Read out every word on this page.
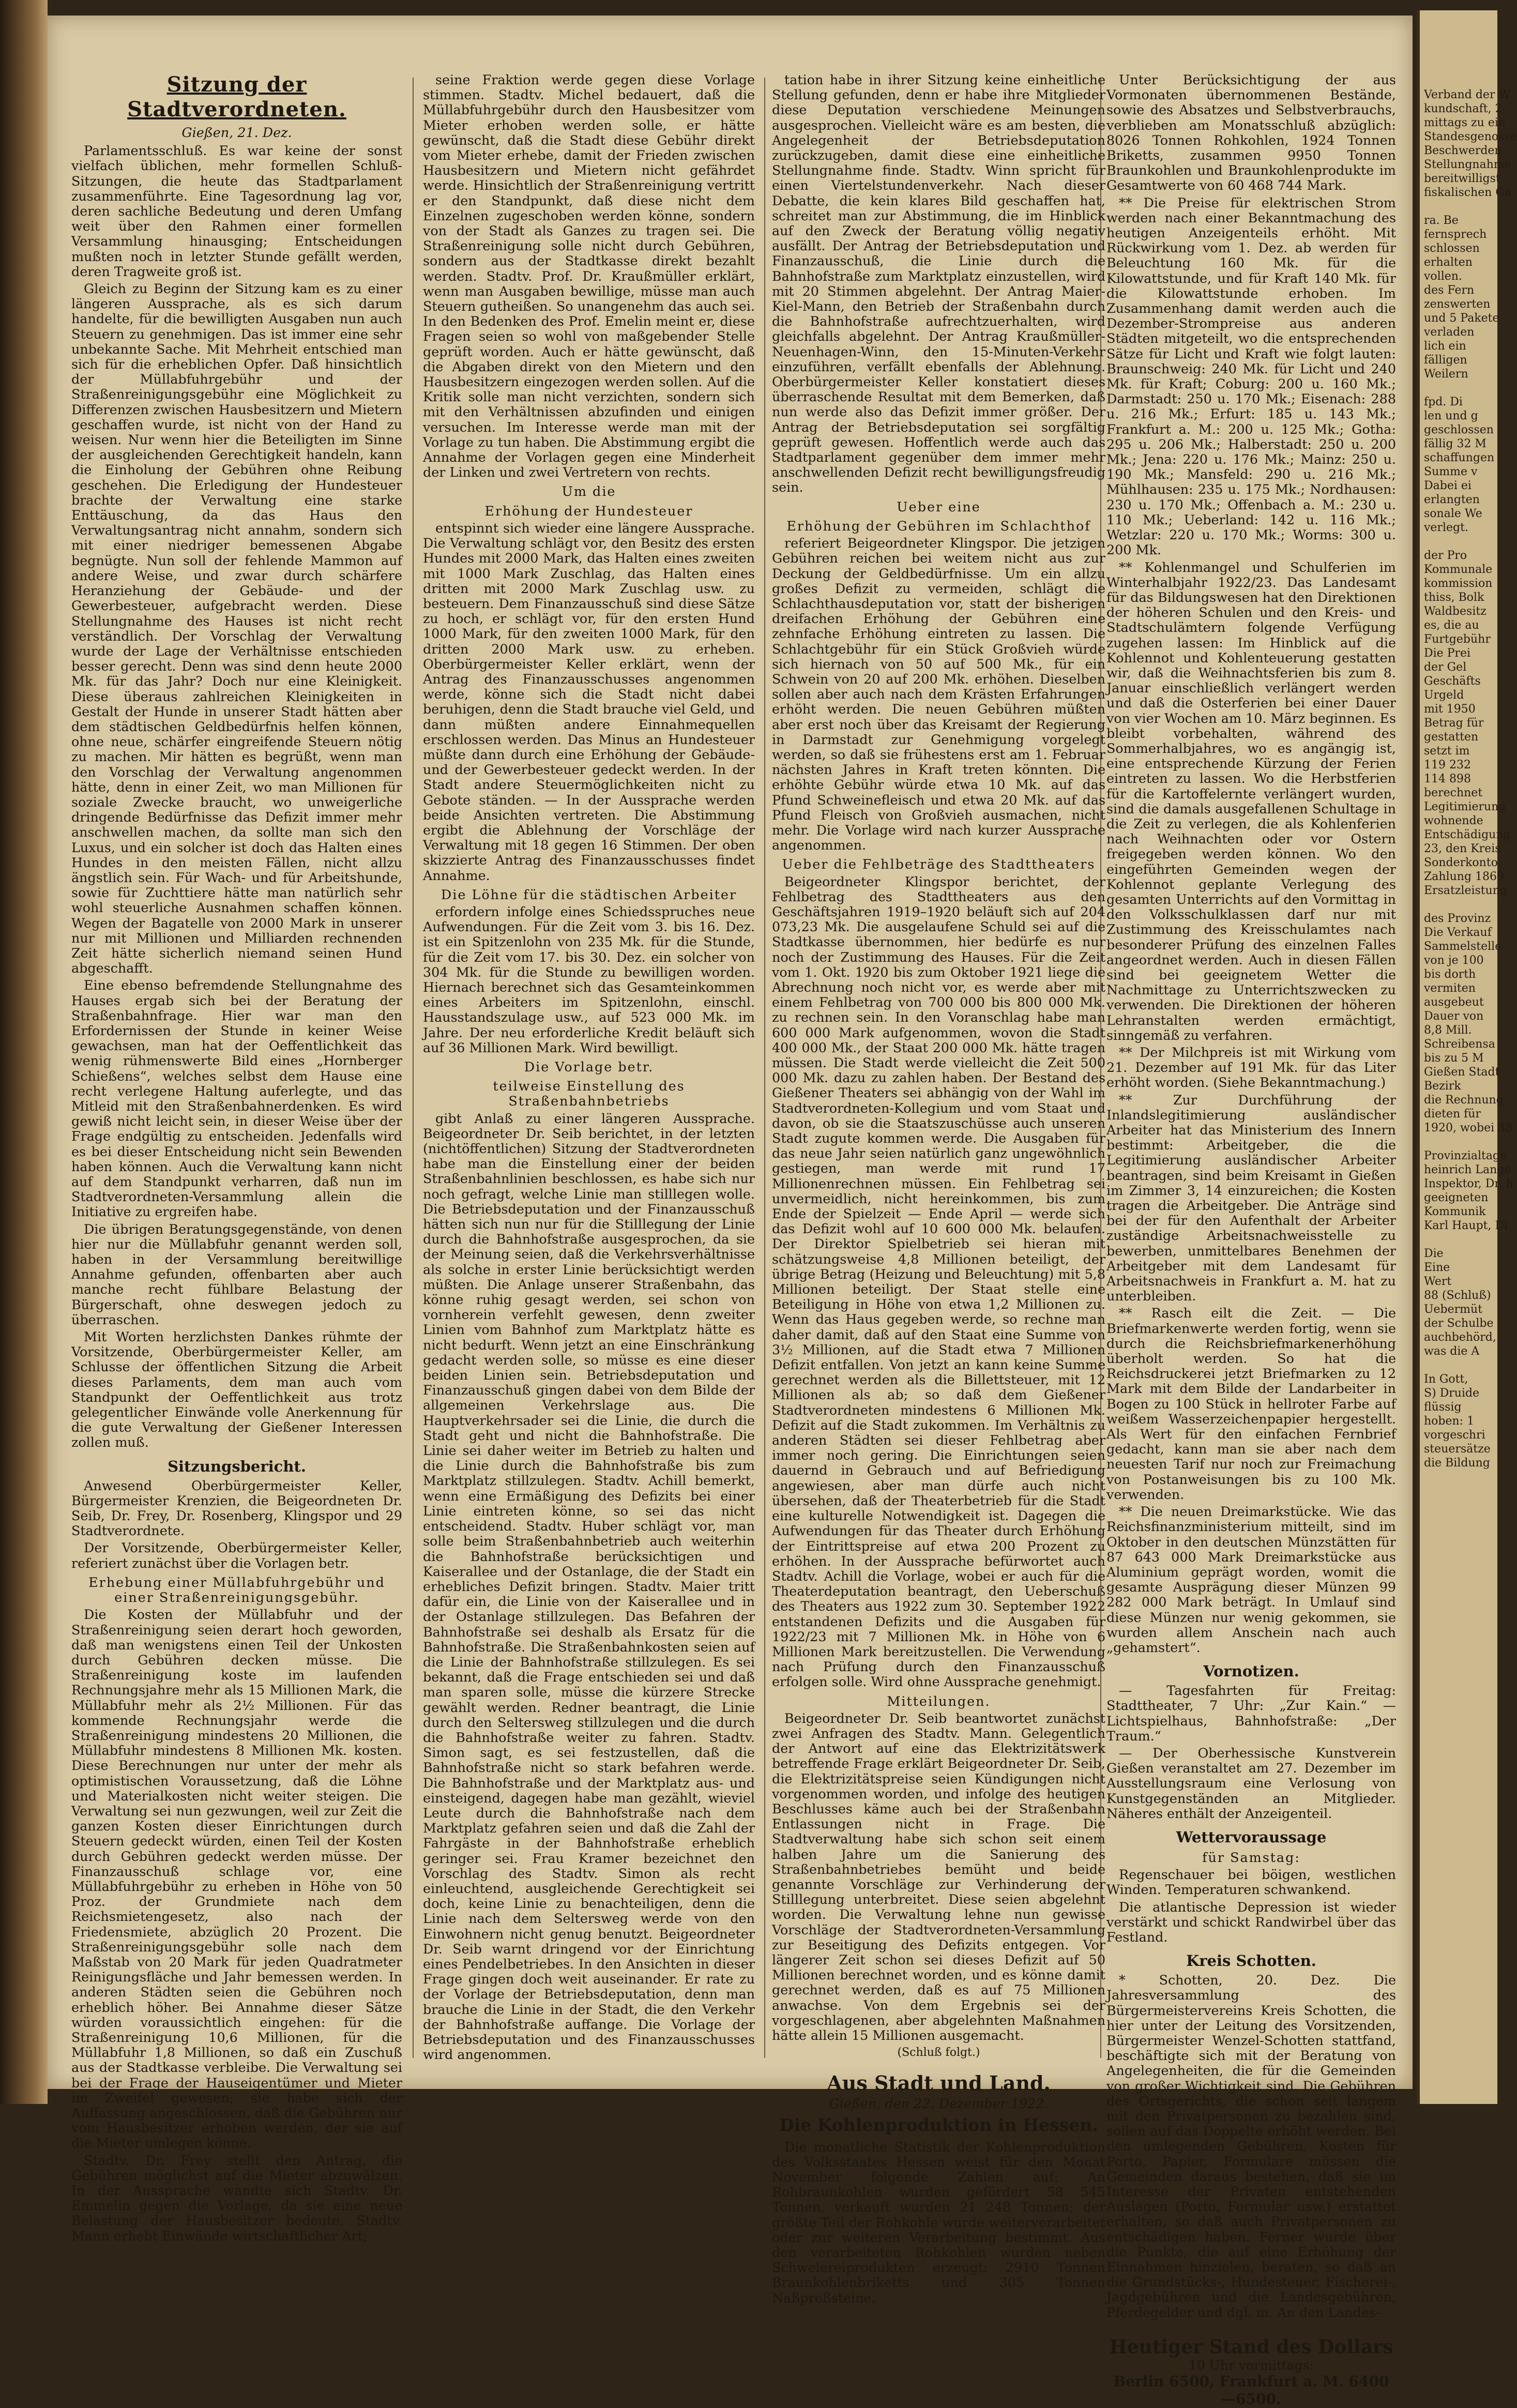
Sitzung der Stadtverordneten.
Gießen, 21. Dez.

Parlamentsschluß. Es war keine der sonst vielfach üblichen, mehr formellen Schluß-Sitzungen, die heute das Stadtparlament zusammenführte. Eine Tagesordnung lag vor, deren sachliche Bedeutung und deren Umfang weit über den Rahmen einer formellen Versammlung hinausging; Entscheidungen mußten noch in letzter Stunde gefällt werden, deren Tragweite groß ist.

Gleich zu Beginn der Sitzung kam es zu einer längeren Aussprache, als es sich darum handelte, für die bewilligten Ausgaben nun auch Steuern zu genehmigen. Das ist immer eine sehr unbekannte Sache. Mit Mehrheit entschied man sich für die erheblichen Opfer. Daß hinsichtlich der Müllabfuhrgebühr und der Straßenreinigungsgebühr eine Möglichkeit zu Differenzen zwischen Hausbesitzern und Mietern geschaffen wurde, ist nicht von der Hand zu weisen. Nur wenn hier die Beteiligten im Sinne der ausgleichenden Gerechtigkeit handeln, kann die Einholung der Gebühren ohne Reibung geschehen. Die Erledigung der Hundesteuer brachte der Verwaltung eine starke Enttäuschung, da das Haus den Verwaltungsantrag nicht annahm, sondern sich mit einer niedriger bemessenen Abgabe begnügte. Nun soll der fehlende Mammon auf andere Weise, und zwar durch schärfere Heranziehung der Gebäude- und der Gewerbesteuer, aufgebracht werden. Diese Stellungnahme des Hauses ist nicht recht verständlich. Der Vorschlag der Verwaltung wurde der Lage der Verhältnisse entschieden besser gerecht. Denn was sind denn heute 2000 Mk. für das Jahr? Doch nur eine Kleinigkeit. Diese überaus zahlreichen Kleinigkeiten in Gestalt der Hunde in unserer Stadt hätten aber dem städtischen Geldbedürfnis helfen können, ohne neue, schärfer eingreifende Steuern nötig zu machen. Mir hätten es begrüßt, wenn man den Vorschlag der Verwaltung angenommen hätte, denn in einer Zeit, wo man Millionen für soziale Zwecke braucht, wo unweigerliche dringende Bedürfnisse das Defizit immer mehr anschwellen machen, da sollte man sich den Luxus, und ein solcher ist doch das Halten eines Hundes in den meisten Fällen, nicht allzu ängstlich sein. Für Wach- und für Arbeitshunde, sowie für Zuchttiere hätte man natürlich sehr wohl steuerliche Ausnahmen schaffen können. Wegen der Bagatelle von 2000 Mark in unserer nur mit Millionen und Milliarden rechnenden Zeit hätte sicherlich niemand seinen Hund abgeschafft.

Eine ebenso befremdende Stellungnahme des Hauses ergab sich bei der Beratung der Straßenbahnfrage. Hier war man den Erfordernissen der Stunde in keiner Weise gewachsen, man hat der Oeffentlichkeit das wenig rühmenswerte Bild eines „Hornberger Schießens“, welches selbst dem Hause eine recht verlegene Haltung auferlegte, und das Mitleid mit den Straßenbahnerdenken. Es wird gewiß nicht leicht sein, in dieser Weise über der Frage endgültig zu entscheiden. Jedenfalls wird es bei dieser Entscheidung nicht sein Bewenden haben können. Auch die Verwaltung kann nicht auf dem Standpunkt verharren, daß nun im Stadtverordneten-Versammlung allein die Initiative zu ergreifen habe.

Die übrigen Beratungsgegenstände, von denen hier nur die Müllabfuhr genannt werden soll, haben in der Versammlung bereitwillige Annahme gefunden, offenbarten aber auch manche recht fühlbare Belastung der Bürgerschaft, ohne deswegen jedoch zu überraschen.

Mit Worten herzlichsten Dankes rühmte der Vorsitzende, Oberbürgermeister Keller, am Schlusse der öffentlichen Sitzung die Arbeit dieses Parlaments, dem man auch vom Standpunkt der Oeffentlichkeit aus trotz gelegentlicher Einwände volle Anerkennung für die gute Verwaltung der Gießener Interessen zollen muß.

Sitzungsbericht.

Anwesend Oberbürgermeister Keller, Bürgermeister Krenzien, die Beigeordneten Dr. Seib, Dr. Frey, Dr. Rosenberg, Klingspor und 29 Stadtverordnete.

Der Vorsitzende, Oberbürgermeister Keller, referiert zunächst über die Vorlagen betr.

Erhebung einer Müllabfuhrgebühr und einer Straßenreinigungsgebühr.

Die Kosten der Müllabfuhr und der Straßenreinigung seien derart hoch geworden, daß man wenigstens einen Teil der Unkosten durch Gebühren decken müsse. Die Straßenreinigung koste im laufenden Rechnungsjahre mehr als 15 Millionen Mark, die Müllabfuhr mehr als 2½ Millionen. Für das kommende Rechnungsjahr werde die Straßenreinigung mindestens 20 Millionen, die Müllabfuhr mindestens 8 Millionen Mk. kosten. Diese Berechnungen nur unter der mehr als optimistischen Voraussetzung, daß die Löhne und Materialkosten nicht weiter steigen. Die Verwaltung sei nun gezwungen, weil zur Zeit die ganzen Kosten dieser Einrichtungen durch Steuern gedeckt würden, einen Teil der Kosten durch Gebühren gedeckt werden müsse. Der Finanzausschuß schlage vor, eine Müllabfuhrgebühr zu erheben in Höhe von 50 Proz. der Grundmiete nach dem Reichsmietengesetz, also nach der Friedensmiete, abzüglich 20 Prozent. Die Straßenreinigungsgebühr solle nach dem Maßstab von 20 Mark für jeden Quadratmeter Reinigungsfläche und Jahr bemessen werden. In anderen Städten seien die Gebühren noch erheblich höher. Bei Annahme dieser Sätze würden voraussichtlich eingehen: für die Straßenreinigung 10,6 Millionen, für die Müllabfuhr 1,8 Millionen, so daß ein Zuschuß aus der Stadtkasse verbleibe. Die Verwaltung sei bei der Frage der Hauseigentümer und Mieter im Zweifel gewesen; sie habe sich der Auffassung angeschlossen, daß die Gebühren nur vom Hausbesitzer erhoben werden, der sie auf die Mieter umlegen könne.

Stadtv. Dr. Frey stellt den Antrag, die Gebühren möglichst auf die Mieter abzuwälzen. In der Aussprache wandte sich Stadtv. Dr. Emmelin gegen die Vorlage, da sie eine neue Belastung der Hausbesitzer bedeute. Stadtv. Mann erhebt Einwände wirtschaftlicher Art;

seine Fraktion werde gegen diese Vorlage stimmen. Stadtv. Michel bedauert, daß die Müllabfuhrgebühr durch den Hausbesitzer vom Mieter erhoben werden solle, er hätte gewünscht, daß die Stadt diese Gebühr direkt vom Mieter erhebe, damit der Frieden zwischen Hausbesitzern und Mietern nicht gefährdet werde. Hinsichtlich der Straßenreinigung vertritt er den Standpunkt, daß diese nicht dem Einzelnen zugeschoben werden könne, sondern von der Stadt als Ganzes zu tragen sei. Die Straßenreinigung solle nicht durch Gebühren, sondern aus der Stadtkasse direkt bezahlt werden. Stadtv. Prof. Dr. Kraußmüller erklärt, wenn man Ausgaben bewillige, müsse man auch Steuern gutheißen. So unangenehm das auch sei. In den Bedenken des Prof. Emelin meint er, diese Fragen seien so wohl von maßgebender Stelle geprüft worden. Auch er hätte gewünscht, daß die Abgaben direkt von den Mietern und den Hausbesitzern eingezogen werden sollen. Auf die Kritik solle man nicht verzichten, sondern sich mit den Verhältnissen abzufinden und einigen versuchen. Im Interesse werde man mit der Vorlage zu tun haben. Die Abstimmung ergibt die Annahme der Vorlagen gegen eine Minderheit der Linken und zwei Vertretern von rechts.

Um die
Erhöhung der Hundesteuer

entspinnt sich wieder eine längere Aussprache. Die Verwaltung schlägt vor, den Besitz des ersten Hundes mit 2000 Mark, das Halten eines zweiten mit 1000 Mark Zuschlag, das Halten eines dritten mit 2000 Mark Zuschlag usw. zu besteuern. Dem Finanzausschuß sind diese Sätze zu hoch, er schlägt vor, für den ersten Hund 1000 Mark, für den zweiten 1000 Mark, für den dritten 2000 Mark usw. zu erheben. Oberbürgermeister Keller erklärt, wenn der Antrag des Finanzausschusses angenommen werde, könne sich die Stadt nicht dabei beruhigen, denn die Stadt brauche viel Geld, und dann müßten andere Einnahmequellen erschlossen werden. Das Minus an Hundesteuer müßte dann durch eine Erhöhung der Gebäude- und der Gewerbesteuer gedeckt werden. In der Stadt andere Steuermöglichkeiten nicht zu Gebote ständen. — In der Aussprache werden beide Ansichten vertreten. Die Abstimmung ergibt die Ablehnung der Vorschläge der Verwaltung mit 18 gegen 16 Stimmen. Der oben skizzierte Antrag des Finanzausschusses findet Annahme.

Die Löhne für die städtischen Arbeiter

erfordern infolge eines Schiedsspruches neue Aufwendungen. Für die Zeit vom 3. bis 16. Dez. ist ein Spitzenlohn von 235 Mk. für die Stunde, für die Zeit vom 17. bis 30. Dez. ein solcher von 304 Mk. für die Stunde zu bewilligen worden. Hiernach berechnet sich das Gesamteinkommen eines Arbeiters im Spitzenlohn, einschl. Hausstandszulage usw., auf 523 000 Mk. im Jahre. Der neu erforderliche Kredit beläuft sich auf 36 Millionen Mark. Wird bewilligt.

Die Vorlage betr.
teilweise Einstellung des Straßenbahnbetriebs

gibt Anlaß zu einer längeren Aussprache. Beigeordneter Dr. Seib berichtet, in der letzten (nichtöffentlichen) Sitzung der Stadtverordneten habe man die Einstellung einer der beiden Straßenbahnlinien beschlossen, es habe sich nur noch gefragt, welche Linie man stilllegen wolle. Die Betriebsdeputation und der Finanzausschuß hätten sich nun nur für die Stilllegung der Linie durch die Bahnhofstraße ausgesprochen, da sie der Meinung seien, daß die Verkehrsverhältnisse als solche in erster Linie berücksichtigt werden müßten. Die Anlage unserer Straßenbahn, das könne ruhig gesagt werden, sei schon von vornherein verfehlt gewesen, denn zweiter Linien vom Bahnhof zum Marktplatz hätte es nicht bedurft. Wenn jetzt an eine Einschränkung gedacht werden solle, so müsse es eine dieser beiden Linien sein. Betriebsdeputation und Finanzausschuß gingen dabei von dem Bilde der allgemeinen Verkehrslage aus. Die Hauptverkehrsader sei die Linie, die durch die Stadt geht und nicht die Bahnhofstraße. Die Linie sei daher weiter im Betrieb zu halten und die Linie durch die Bahnhofstraße bis zum Marktplatz stillzulegen. Stadtv. Achill bemerkt, wenn eine Ermäßigung des Defizits bei einer Linie eintreten könne, so sei das nicht entscheidend. Stadtv. Huber schlägt vor, man solle beim Straßenbahnbetrieb auch weiterhin die Bahnhofstraße berücksichtigen und Kaiserallee und der Ostanlage, die der Stadt ein erhebliches Defizit bringen. Stadtv. Maier tritt dafür ein, die Linie von der Kaiserallee und in der Ostanlage stillzulegen. Das Befahren der Bahnhofstraße sei deshalb als Ersatz für die Bahnhofstraße. Die Straßenbahnkosten seien auf die Linie der Bahnhofstraße stillzulegen. Es sei bekannt, daß die Frage entschieden sei und daß man sparen solle, müsse die kürzere Strecke gewählt werden. Redner beantragt, die Linie durch den Seltersweg stillzulegen und die durch die Bahnhofstraße weiter zu fahren. Stadtv. Simon sagt, es sei festzustellen, daß die Bahnhofstraße nicht so stark befahren werde. Die Bahnhofstraße und der Marktplatz aus- und einsteigend, dagegen habe man gezählt, wieviel Leute durch die Bahnhofstraße nach dem Marktplatz gefahren seien und daß die Zahl der Fahrgäste in der Bahnhofstraße erheblich geringer sei. Frau Kramer bezeichnet den Vorschlag des Stadtv. Simon als recht einleuchtend, ausgleichende Gerechtigkeit sei doch, keine Linie zu benachteiligen, denn die Linie nach dem Seltersweg werde von den Einwohnern nicht genug benutzt. Beigeordneter Dr. Seib warnt dringend vor der Einrichtung eines Pendelbetriebes. In den Ansichten in dieser Frage gingen doch weit auseinander. Er rate zu der Vorlage der Betriebsdeputation, denn man brauche die Linie in der Stadt, die den Verkehr der Bahnhofstraße auffange. Die Vorlage der Betriebsdeputation und des Finanzausschusses wird angenommen.

tation habe in ihrer Sitzung keine einheitliche Stellung gefunden, denn er habe ihre Mitglieder diese Deputation verschiedene Meinungen ausgesprochen. Vielleicht wäre es am besten, die Angelegenheit der Betriebsdeputation zurückzugeben, damit diese eine einheitliche Stellungnahme finde. Stadtv. Winn spricht für einen Viertelstundenverkehr. Nach dieser Debatte, die kein klares Bild geschaffen hat, schreitet man zur Abstimmung, die im Hinblick auf den Zweck der Beratung völlig negativ ausfällt. Der Antrag der Betriebsdeputation und Finanzausschuß, die Linie durch die Bahnhofstraße zum Marktplatz einzustellen, wird mit 20 Stimmen abgelehnt. Der Antrag Maier-Kiel-Mann, den Betrieb der Straßenbahn durch die Bahnhofstraße aufrechtzuerhalten, wird gleichfalls abgelehnt. Der Antrag Kraußmüller-Neuenhagen-Winn, den 15-Minuten-Verkehr einzuführen, verfällt ebenfalls der Ablehnung. Oberbürgermeister Keller konstatiert dieses überraschende Resultat mit dem Bemerken, daß nun werde also das Defizit immer größer. Der Antrag der Betriebsdeputation sei sorgfältig geprüft gewesen. Hoffentlich werde auch das Stadtparlament gegenüber dem immer mehr anschwellenden Defizit recht bewilligungsfreudig sein.

Ueber eine
Erhöhung der Gebühren im Schlachthof

referiert Beigeordneter Klingspor. Die jetzigen Gebühren reichen bei weitem nicht aus zur Deckung der Geldbedürfnisse. Um ein allzu großes Defizit zu vermeiden, schlägt die Schlachthausdeputation vor, statt der bisherigen dreifachen Erhöhung der Gebühren eine zehnfache Erhöhung eintreten zu lassen. Die Schlachtgebühr für ein Stück Großvieh würde sich hiernach von 50 auf 500 Mk., für ein Schwein von 20 auf 200 Mk. erhöhen. Dieselben sollen aber auch nach dem Krästen Erfahrungen erhöht werden. Die neuen Gebühren müßten aber erst noch über das Kreisamt der Regierung in Darmstadt zur Genehmigung vorgelegt werden, so daß sie frühestens erst am 1. Februar nächsten Jahres in Kraft treten könnten. Die erhöhte Gebühr würde etwa 10 Mk. auf das Pfund Schweinefleisch und etwa 20 Mk. auf das Pfund Fleisch von Großvieh ausmachen, nicht mehr. Die Vorlage wird nach kurzer Aussprache angenommen.

Ueber die Fehlbeträge des Stadttheaters

Beigeordneter Klingspor berichtet, der Fehlbetrag des Stadttheaters aus den Geschäftsjahren 1919–1920 beläuft sich auf 204 073,23 Mk. Die ausgelaufene Schuld sei auf die Stadtkasse übernommen, hier bedürfe es nur noch der Zustimmung des Hauses. Für die Zeit vom 1. Okt. 1920 bis zum Oktober 1921 liege die Abrechnung noch nicht vor, es werde aber mit einem Fehlbetrag von 700 000 bis 800 000 Mk. zu rechnen sein. In den Voranschlag habe man 600 000 Mark aufgenommen, wovon die Stadt 400 000 Mk., der Staat 200 000 Mk. hätte tragen müssen. Die Stadt werde vielleicht die Zeit 500 000 Mk. dazu zu zahlen haben. Der Bestand des Gießener Theaters sei abhängig von der Wahl im Stadtverordneten-Kollegium und vom Staat und davon, ob sie die Staatszuschüsse auch unseren Stadt zugute kommen werde. Die Ausgaben für das neue Jahr seien natürlich ganz ungewöhnlich gestiegen, man werde mit rund 17 Millionenrechnen müssen. Ein Fehlbetrag sei unvermeidlich, nicht hereinkommen, bis zum Ende der Spielzeit — Ende April — werde sich das Defizit wohl auf 10 600 000 Mk. belaufen. Der Direktor Spielbetrieb sei hieran mit schätzungsweise 4,8 Millionen beteiligt, der übrige Betrag (Heizung und Beleuchtung) mit 5,8 Millionen beteiligt. Der Staat stelle eine Beteiligung in Höhe von etwa 1,2 Millionen zu. Wenn das Haus gegeben werde, so rechne man daher damit, daß auf den Staat eine Summe von 3½ Millionen, auf die Stadt etwa 7 Millionen Defizit entfallen. Von jetzt an kann keine Summe gerechnet werden als die Billettsteuer, mit 12 Millionen als ab; so daß dem Gießener Stadtverordneten mindestens 6 Millionen Mk. Defizit auf die Stadt zukommen. Im Verhältnis zu anderen Städten sei dieser Fehlbetrag aber immer noch gering. Die Einrichtungen seien dauernd in Gebrauch und auf Befriedigung angewiesen, aber man dürfe auch nicht übersehen, daß der Theaterbetrieb für die Stadt eine kulturelle Notwendigkeit ist. Dagegen die Aufwendungen für das Theater durch Erhöhung der Eintrittspreise auf etwa 200 Prozent zu erhöhen. In der Aussprache befürwortet auch Stadtv. Achill die Vorlage, wobei er auch für die Theaterdeputation beantragt, den Ueberschuß des Theaters aus 1922 zum 30. September 1922 entstandenen Defizits und die Ausgaben für 1922/23 mit 7 Millionen Mk. in Höhe von 6 Millionen Mark bereitzustellen. Die Verwendung nach Prüfung durch den Finanzausschuß erfolgen solle. Wird ohne Aussprache genehmigt.

Mitteilungen.

Beigeordneter Dr. Seib beantwortet zunächst zwei Anfragen des Stadtv. Mann. Gelegentlich der Antwort auf eine das Elektrizitätswerk betreffende Frage erklärt Beigeordneter Dr. Seib, die Elektrizitätspreise seien Kündigungen nicht vorgenommen worden, und infolge des heutigen Beschlusses käme auch bei der Straßenbahn Entlassungen nicht in Frage. Die Stadtverwaltung habe sich schon seit einem halben Jahre um die Sanierung des Straßenbahnbetriebes bemüht und beide genannte Vorschläge zur Verhinderung der Stilllegung unterbreitet. Diese seien abgelehnt worden. Die Verwaltung lehne nun gewisse Vorschläge der Stadtverordneten-Versammlung zur Beseitigung des Defizits entgegen. Vor längerer Zeit schon sei dieses Defizit auf 50 Millionen berechnet worden, und es könne damit gerechnet werden, daß es auf 75 Millionen anwachse. Von dem Ergebnis sei der vorgeschlagenen, aber abgelehnten Maßnahmen hätte allein 15 Millionen ausgemacht.

(Schluß folgt.)
Aus Stadt und Land.
Gießen, den 22. Dezember 1922.
Die Kohlenproduktion in Hessen.

Die monatliche Statistik der Kohlenproduktion des Volksstaates Hessen weist für den Monat November folgende Zahlen auf: An Rohbraunkohlen wurden gefördert 58 545 Tonnen, verkauft wurden 21 248 Tonnen; der größte Teil der Rohkohle wurde weiterverarbeitet oder zur weiteren Verarbeitung bestimmt. Aus den verarbeiteten Rohkohlen wurden neben Schwelereiprodukten erzeugt: 2910 Tonnen Braunkohlenbriketts und 305 Tonnen Naßpreßsteine.

Unter Berücksichtigung der aus Vormonaten übernommenen Bestände, sowie des Absatzes und Selbstverbrauchs, verblieben am Monatsschluß abzüglich: 8026 Tonnen Rohkohlen, 1924 Tonnen Briketts, zusammen 9950 Tonnen Braunkohlen und Braunkohlenprodukte im Gesamtwerte von 60 468 744 Mark.

** Die Preise für elektrischen Strom werden nach einer Bekanntmachung des heutigen Anzeigenteils erhöht. Mit Rückwirkung vom 1. Dez. ab werden für Beleuchtung 160 Mk. für die Kilowattstunde, und für Kraft 140 Mk. für die Kilowattstunde erhoben. Im Zusammenhang damit werden auch die Dezember-Strompreise aus anderen Städten mitgeteilt, wo die entsprechenden Sätze für Licht und Kraft wie folgt lauten: Braunschweig: 240 Mk. für Licht und 240 Mk. für Kraft; Coburg: 200 u. 160 Mk.; Darmstadt: 250 u. 170 Mk.; Eisenach: 288 u. 216 Mk.; Erfurt: 185 u. 143 Mk.; Frankfurt a. M.: 200 u. 125 Mk.; Gotha: 295 u. 206 Mk.; Halberstadt: 250 u. 200 Mk.; Jena: 220 u. 176 Mk.; Mainz: 250 u. 190 Mk.; Mansfeld: 290 u. 216 Mk.; Mühlhausen: 235 u. 175 Mk.; Nordhausen: 230 u. 170 Mk.; Offenbach a. M.: 230 u. 110 Mk.; Ueberland: 142 u. 116 Mk.; Wetzlar: 220 u. 170 Mk.; Worms: 300 u. 200 Mk.

** Kohlenmangel und Schulferien im Winterhalbjahr 1922/23. Das Landesamt für das Bildungswesen hat den Direktionen der höheren Schulen und den Kreis- und Stadtschulämtern folgende Verfügung zugehen lassen: Im Hinblick auf die Kohlennot und Kohlenteuerung gestatten wir, daß die Weihnachtsferien bis zum 8. Januar einschließlich verlängert werden und daß die Osterferien bei einer Dauer von vier Wochen am 10. März beginnen. Es bleibt vorbehalten, während des Sommerhalbjahres, wo es angängig ist, eine entsprechende Kürzung der Ferien eintreten zu lassen. Wo die Herbstferien für die Kartoffelernte verlängert wurden, sind die damals ausgefallenen Schultage in die Zeit zu verlegen, die als Kohlenferien nach Weihnachten oder vor Ostern freigegeben werden können. Wo den eingeführten Gemeinden wegen der Kohlennot geplante Verlegung des gesamten Unterrichts auf den Vormittag in den Volksschulklassen darf nur mit Zustimmung des Kreisschulamtes nach besonderer Prüfung des einzelnen Falles angeordnet werden. Auch in diesen Fällen sind bei geeignetem Wetter die Nachmittage zu Unterrichtszwecken zu verwenden. Die Direktionen der höheren Lehranstalten werden ermächtigt, sinngemäß zu verfahren.

** Der Milchpreis ist mit Wirkung vom 21. Dezember auf 191 Mk. für das Liter erhöht worden. (Siehe Bekanntmachung.)

** Zur Durchführung der Inlandslegitimierung ausländischer Arbeiter hat das Ministerium des Innern bestimmt: Arbeitgeber, die die Legitimierung ausländischer Arbeiter beantragen, sind beim Kreisamt in Gießen im Zimmer 3, 14 einzureichen; die Kosten tragen die Arbeitgeber. Die Anträge sind bei der für den Aufenthalt der Arbeiter zuständige Arbeitsnachweisstelle zu bewerben, unmittelbares Benehmen der Arbeitgeber mit dem Landesamt für Arbeitsnachweis in Frankfurt a. M. hat zu unterbleiben.

** Rasch eilt die Zeit. — Die Briefmarkenwerte werden fortig, wenn sie durch die Reichsbriefmarkenerhöhung überholt werden. So hat die Reichsdruckerei jetzt Briefmarken zu 12 Mark mit dem Bilde der Landarbeiter in Bogen zu 100 Stück in hellroter Farbe auf weißem Wasserzeichenpapier hergestellt. Als Wert für den einfachen Fernbrief gedacht, kann man sie aber nach dem neuesten Tarif nur noch zur Freimachung von Postanweisungen bis zu 100 Mk. verwenden.

** Die neuen Dreimarkstücke. Wie das Reichsfinanzministerium mitteilt, sind im Oktober in den deutschen Münzstätten für 87 643 000 Mark Dreimarkstücke aus Aluminium geprägt worden, womit die gesamte Ausprägung dieser Münzen 99 282 000 Mark beträgt. In Umlauf sind diese Münzen nur wenig gekommen, sie wurden allem Anschein nach auch „gehamstert“.

Vornotizen.

— Tagesfahrten für Freitag: Stadttheater, 7 Uhr: „Zur Kain.“ — Lichtspielhaus, Bahnhofstraße: „Der Traum.“

— Der Oberhessische Kunstverein Gießen veranstaltet am 27. Dezember im Ausstellungsraum eine Verlosung von Kunstgegenständen an Mitglieder. Näheres enthält der Anzeigenteil.

Wettervoraussage
für Samstag:

Regenschauer bei böigen, westlichen Winden. Temperaturen schwankend.

Die atlantische Depression ist wieder verstärkt und schickt Randwirbel über das Festland.

Kreis Schotten.

* Schotten, 20. Dez. Die Jahresversammlung des Bürgermeistervereins Kreis Schotten, die hier unter der Leitung des Vorsitzenden, Bürgermeister Wenzel-Schotten stattfand, beschäftigte sich mit der Beratung von Angelegenheiten, die für die Gemeinden von großer Wichtigkeit sind. Die Gebühren des Ortsgerichts, die schon seit langem mit den Privatpersonen zu bezahlen sind, sollen auf das Doppelte erhöht werden. Bei den umlegenden Gebühren, Kosten für Porto, Papier, Formulare müssen die Gemeinden daraus bestehen, daß sie im Interesse der Privaten entstehenden Auslagen (Porto, Formular usw.) erstattet erhalten, so daß auch Privatpersonen zu entschädigen haben. Ferner wurde über die Punkte, die auf eine Erhöhung der Einnahmen hinzielen, beraten, so daß an die Grundstücks-, Hundesteuer, Fischerei-, Jagdgebühren und die Landesgebühren, Pferdegelder und dgl. m. An den Landes-

Heutiger Stand des Dollars
10 Uhr vormittags:
Berlin 6500, Frankfurt a. M. 6400—6500.
Verband der W
kundschaft, 2
mittags zu ein
Standesgenosse
Beschwerden
Stellungnahme
bereitwilligst
fiskalischen Ga

ra. Be
fernsprech
schlossen
erhalten
vollen.
des Fern
zenswerten
und 5 Pakete
verladen
lich ein
fälligen
Weilern

fpd. Di
len und g
geschlossen
fällig 32 M
schaffungen
Summe v
Dabei ei
erlangten
sonale We
verlegt.

der Pro
Kommunale
kommission
thiss, Bolk
Waldbesitz
es, die au
Furtgebühr
Die Prei
der Gel
Geschäfts
Urgeld
mit 1950
Betrag für
gestatten
setzt im
119 232
114 898
berechnet
Legitimierung
wohnende
Entschädigung
23, den Kreis
Sonderkonto
Zahlung 1869
Ersatzleistung

des Provinz
Die Verkauf
Sammelstelle
von je 100
bis dorth
vermiten
ausgebeut
Dauer von
8,8 Mill.
Schreibensa
bis zu 5 M
Gießen Stadt
Bezirk
die Rechnung
dieten für
1920, wobei 88

Provinzialtage
heinrich Lange
Inspektor, Dr. h
geeigneten
Kommunik
Karl Haupt, Di

Die
Eine
Wert
88 (Schluß)
Uebermüt
der Schulbe
auchbehörd,
was die A

In Gott,
S) Druide
flüssig
hoben: 1
vorgeschri
steuersätze
die Bildung
